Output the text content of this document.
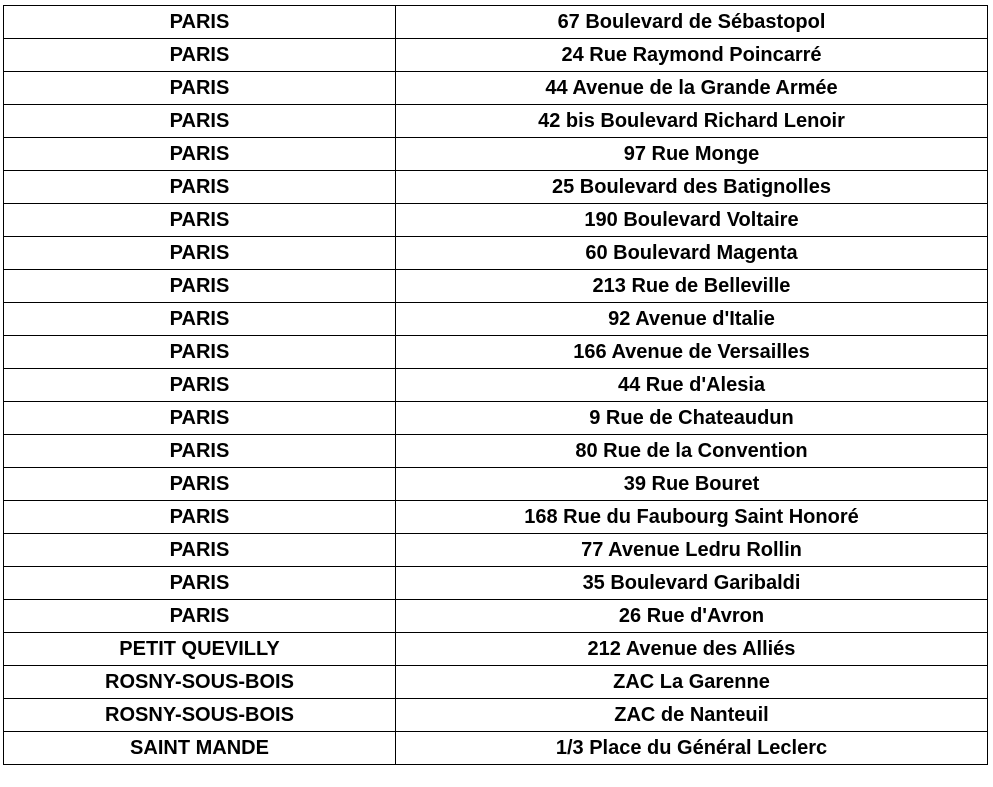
PARIS	67 Boulevard de Sébastopol
PARIS	24 Rue Raymond Poincarré
PARIS	44 Avenue de la Grande Armée
PARIS	42 bis Boulevard Richard Lenoir
PARIS	97 Rue Monge
PARIS	25 Boulevard des Batignolles
PARIS	190 Boulevard Voltaire
PARIS	60 Boulevard Magenta
PARIS	213 Rue de Belleville
PARIS	92 Avenue d'Italie
PARIS	166 Avenue de Versailles
PARIS	44 Rue d'Alesia
PARIS	9 Rue de Chateaudun
PARIS	80 Rue de la Convention
PARIS	39 Rue Bouret
PARIS	168 Rue du Faubourg Saint Honoré
PARIS	77 Avenue Ledru Rollin
PARIS	35 Boulevard Garibaldi
PARIS	26 Rue d'Avron
PETIT QUEVILLY	212 Avenue des Alliés
ROSNY-SOUS-BOIS	ZAC La Garenne
ROSNY-SOUS-BOIS	ZAC de Nanteuil
SAINT MANDE	1/3 Place du Général Leclerc
